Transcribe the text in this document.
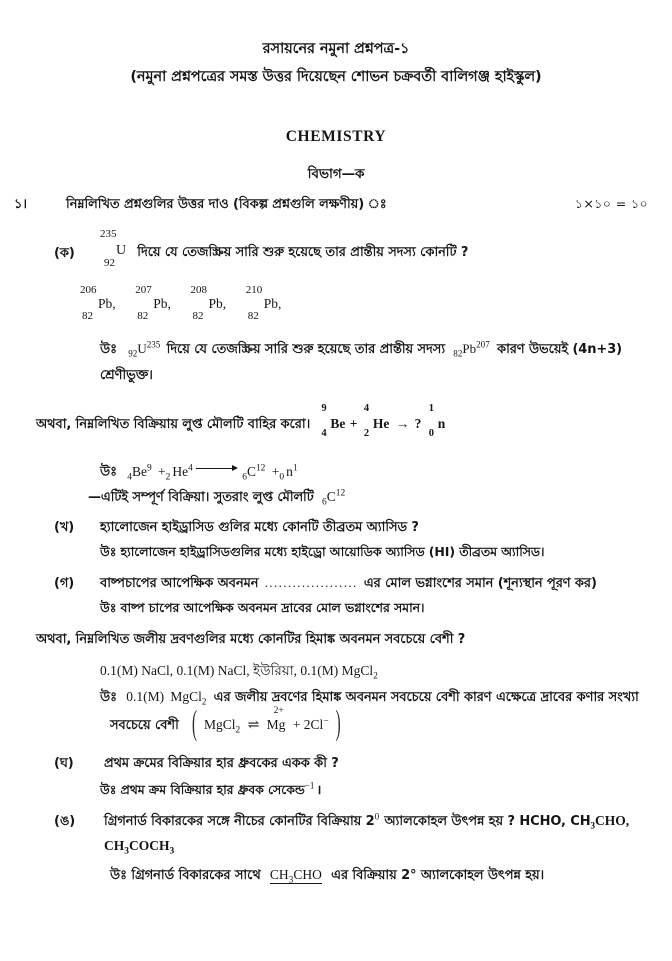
রসায়নের নমুনা প্রশ্নপত্র-১
(নমুনা প্রশ্নপত্রের সমস্ত উত্তর দিয়েছেন শোভন চক্রবর্তী বালিগঞ্জ হাইস্কুল)
CHEMISTRY
বিভাগ—ক
১।	নিম্নলিখিত প্রশ্নগুলির উত্তর দাও (বিকল্প প্রশ্নগুলি লক্ষণীয়) ঃ	১×১০ = ১০
(ক)
235
92
U দিয়ে যে তেজস্ক্রিয় সারি শুরু হয়েছে তার প্রান্তীয় সদস্য কোনটি ?
206
82
Pb,

207
82
Pb,

208
82
Pb,

210
82
Pb,
উঃ $_{92}U^{235}$ দিয়ে যে তেজস্ক্রিয় সারি শুরু হয়েছে তার প্রান্তীয় সদস্য $_{82}Pb^{207}$ কারণ উভয়েই (4n+3)
শ্রেণীভুক্ত।
অথবা, নিম্নলিখিত বিক্রিয়ায় লুপ্ত মৌলটি বাহির করো।
9
4
Be +
4
2
He → ?
1
0
n
উঃ $_4Be^9 +_2$ He$^4$ $_6C^{12} +_0$ $n^1$
—এটিই সম্পূর্ণ বিক্রিয়া। সুতরাং লুপ্ত মৌলটি $_6C^{12}$
(খ) হ্যালোজেন হাইড্রাসিড গুলির মধ্যে কোনটি তীব্রতম অ্যাসিড ?
উঃ হ্যালোজেন হাইড্রাসিডগুলির মধ্যে হাইড্রো আয়োডিক অ্যাসিড (HI) তীব্রতম অ্যাসিড।
(গ) বাষ্পচাপের আপেক্ষিক অবনমন .................... এর মোল ভগ্নাংশের সমান (শূন্যস্থান পূরণ কর)
উঃ বাষ্প চাপের আপেক্ষিক অবনমন দ্রাবের মোল ভগ্নাংশের সমান।
অথবা, নিম্নলিখিত জলীয় দ্রবণগুলির মধ্যে কোনটির হিমাঙ্ক অবনমন সবচেয়ে বেশী ?
0.1(M) NaCl, 0.1(M) NaCl, ইউরিয়া, 0.1(M) MgCl$_2$
উঃ 0.1(M) MgCl$_2$ এর জলীয় দ্রবণের হিমাঙ্ক অবনমন সবচেয়ে বেশী কারণ এক্ষেত্রে দ্রাবের কণার সংখ্যা
সবচেয়ে বেশী ( MgCl$_2$ ⇌
2+
Mg + 2Cl− )
(ঘ) প্রথম ক্রমের বিক্রিয়ার হার ধ্রুবকের একক কী ?
উঃ প্রথম ক্রম বিক্রিয়ার হার ধ্রুবক সেকেন্ড$^{-1}$ ।
(ঙ) গ্রিগনার্ড বিকারকের সঙ্গে নীচের কোনটির বিক্রিয়ায় $2^0$ অ্যালকোহল উৎপন্ন হয় ? HCHO, $CH_3CHO$,
$CH_3COCH_3$
উঃ গ্রিগনার্ড বিকারকের সাথে $CH_3CHO$ এর বিক্রিয়ায় 2° অ্যালকোহল উৎপন্ন হয়।
